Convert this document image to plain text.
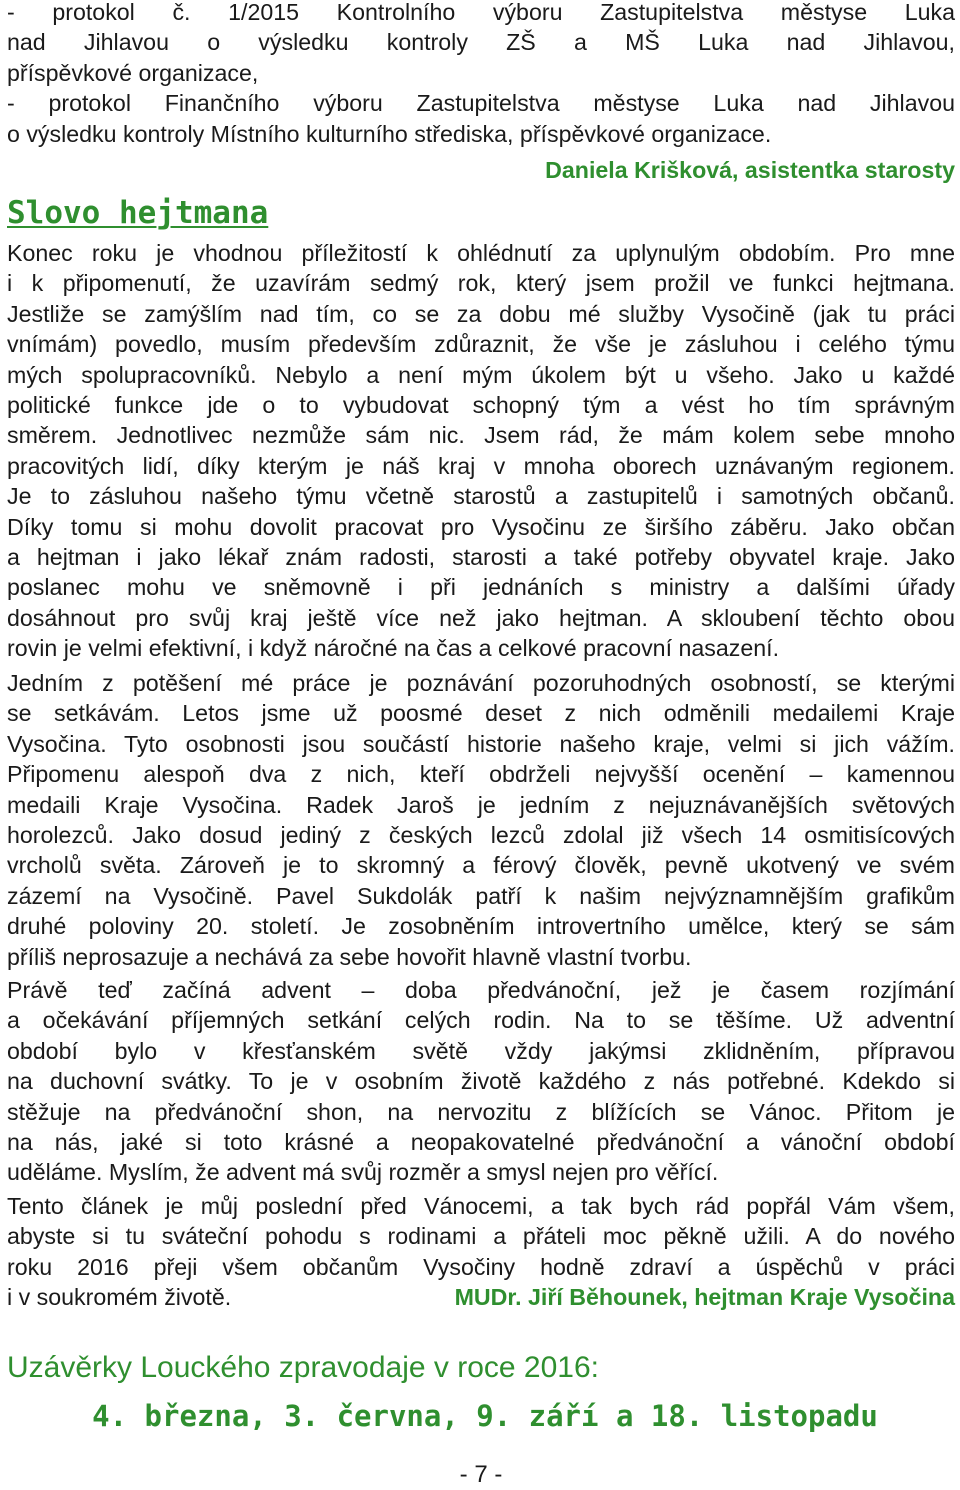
- protokol č. 1/2015 Kontrolního výboru Zastupitelstva městyse Luka
nad Jihlavou o výsledku kontroly ZŠ a MŠ Luka nad Jihlavou,
příspěvkové organizace,
- protokol Finančního výboru Zastupitelstva městyse Luka nad Jihlavou
o výsledku kontroly Místního kulturního střediska, příspěvkové organizace.
Daniela Krišková, asistentka starosty
Slovo hejtmana
Konec roku je vhodnou příležitostí k ohlédnutí za uplynulým obdobím. Pro mne
i k připomenutí, že uzavírám sedmý rok, který jsem prožil ve funkci hejtmana.
Jestliže se zamýšlím nad tím, co se za dobu mé služby Vysočině (jak tu práci
vnímám) povedlo, musím především zdůraznit, že vše je zásluhou i celého týmu
mých spolupracovníků. Nebylo a není mým úkolem být u všeho. Jako u každé
politické funkce jde o to vybudovat schopný tým a vést ho tím správným
směrem. Jednotlivec nezmůže sám nic. Jsem rád, že mám kolem sebe mnoho
pracovitých lidí, díky kterým je náš kraj v mnoha oborech uznávaným regionem.
Je to zásluhou našeho týmu včetně starostů a zastupitelů i samotných občanů.
Díky tomu si mohu dovolit pracovat pro Vysočinu ze širšího záběru. Jako občan
a hejtman i jako lékař znám radosti, starosti a také potřeby obyvatel kraje. Jako
poslanec mohu ve sněmovně i při jednáních s ministry a dalšími úřady
dosáhnout pro svůj kraj ještě více než jako hejtman. A skloubení těchto obou
rovin je velmi efektivní, i když náročné na čas a celkové pracovní nasazení.
Jedním z potěšení mé práce je poznávání pozoruhodných osobností, se kterými
se setkávám. Letos jsme už poosmé deset z nich odměnili medailemi Kraje
Vysočina. Tyto osobnosti jsou součástí historie našeho kraje, velmi si jich vážím.
Připomenu alespoň dva z nich, kteří obdrželi nejvyšší ocenění – kamennou
medaili Kraje Vysočina. Radek Jaroš je jedním z nejuznávanějších světových
horolezců. Jako dosud jediný z českých lezců zdolal již všech 14 osmitisícových
vrcholů světa. Zároveň je to skromný a férový člověk, pevně ukotvený ve svém
zázemí na Vysočině. Pavel Sukdolák patří k našim nejvýznamnějším grafikům
druhé poloviny 20. století. Je zosobněním introvertního umělce, který se sám
příliš neprosazuje a nechává za sebe hovořit hlavně vlastní tvorbu.
Právě teď začíná advent – doba předvánoční, jež je časem rozjímání
a očekávání příjemných setkání celých rodin. Na to se těšíme. Už adventní
období bylo v křesťanském světě vždy jakýmsi zklidněním, přípravou
na duchovní svátky. To je v osobním životě každého z nás potřebné. Kdekdo si
stěžuje na předvánoční shon, na nervozitu z blížících se Vánoc. Přitom je
na nás, jaké si toto krásné a neopakovatelné předvánoční a vánoční období
uděláme. Myslím, že advent má svůj rozměr a smysl nejen pro věřící.
Tento článek je můj poslední před Vánocemi, a tak bych rád popřál Vám všem,
abyste si tu sváteční pohodu s rodinami a přáteli moc pěkně užili. A do nového
roku 2016 přeji všem občanům Vysočiny hodně zdraví a úspěchů v práci
i v soukromém životě.	MUDr. Jiří Běhounek, hejtman Kraje Vysočina
Uzávěrky Louckého zpravodaje v roce 2016:
4. března, 3. června, 9. září a 18. listopadu
- 7 -
